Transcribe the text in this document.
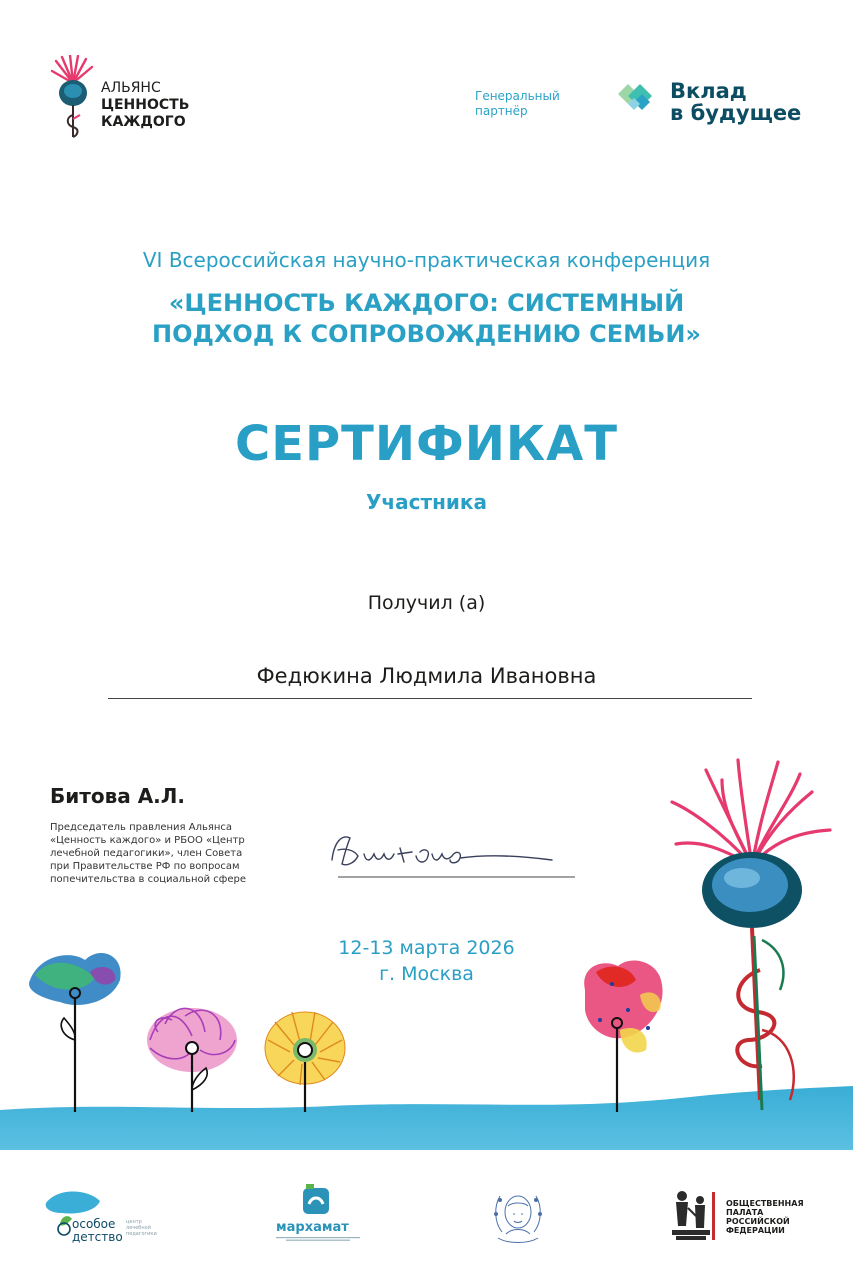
АЛЬЯНС
ЦЕННОСТЬ
КАЖДОГО
Генеральный
партнёр
Вклад
в будущее
VI Всероссийская научно-практическая конференция
«ЦЕННОСТЬ КАЖДОГО: СИСТЕМНЫЙ
ПОДХОД К СОПРОВОЖДЕНИЮ СЕМЬИ»
СЕРТИФИКАТ
Участника
Получил (а)
Федюкина Людмила Ивановна
Битова А.Л.
Председатель правления Альянса
«Ценность каждого» и РБОО «Центр
лечебной педагогики», член Совета
при Правительстве РФ по вопросам
попечительства в социальной сфере
12-13 марта 2026
г. Москва
особое
детство
центр
лечебной
педагогики	мархамат
ОБЩЕСТВЕННАЯ
ПАЛАТА
РОССИЙСКОЙ
ФЕДЕРАЦИИ
